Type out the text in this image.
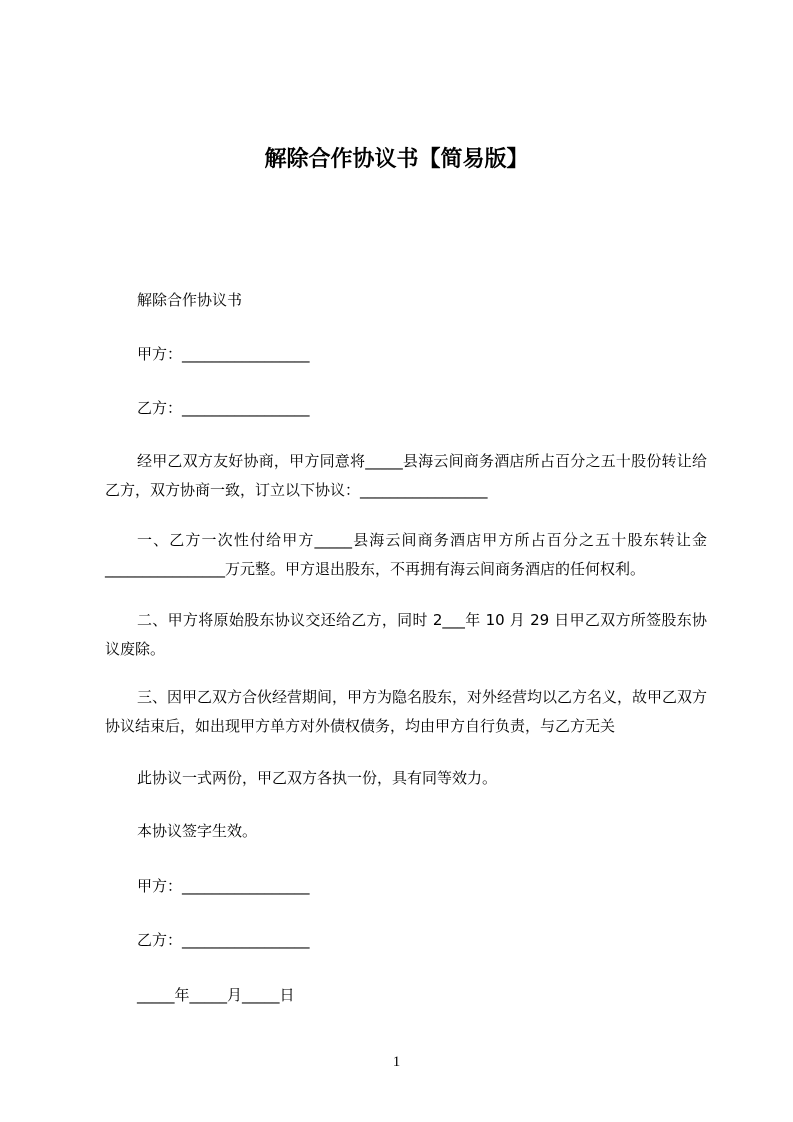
解除合作协议书【简易版】
解除合作协议书
甲方：_________________
乙方：_________________
经甲乙双方友好协商，甲方同意将_____县海云间商务酒店所占百分之五十股份转让给乙方，双方协商一致，订立以下协议：_________________
一、乙方一次性付给甲方_____县海云间商务酒店甲方所占百分之五十股东转让金________________万元整。甲方退出股东，不再拥有海云间商务酒店的任何权利。
二、甲方将原始股东协议交还给乙方，同时 2___年 10 月 29 日甲乙双方所签股东协议废除。
三、因甲乙双方合伙经营期间，甲方为隐名股东，对外经营均以乙方名义，故甲乙双方协议结束后，如出现甲方单方对外债权债务，均由甲方自行负责，与乙方无关
此协议一式两份，甲乙双方各执一份，具有同等效力。
本协议签字生效。
甲方：_________________
乙方：_________________
_____年_____月_____日
1
